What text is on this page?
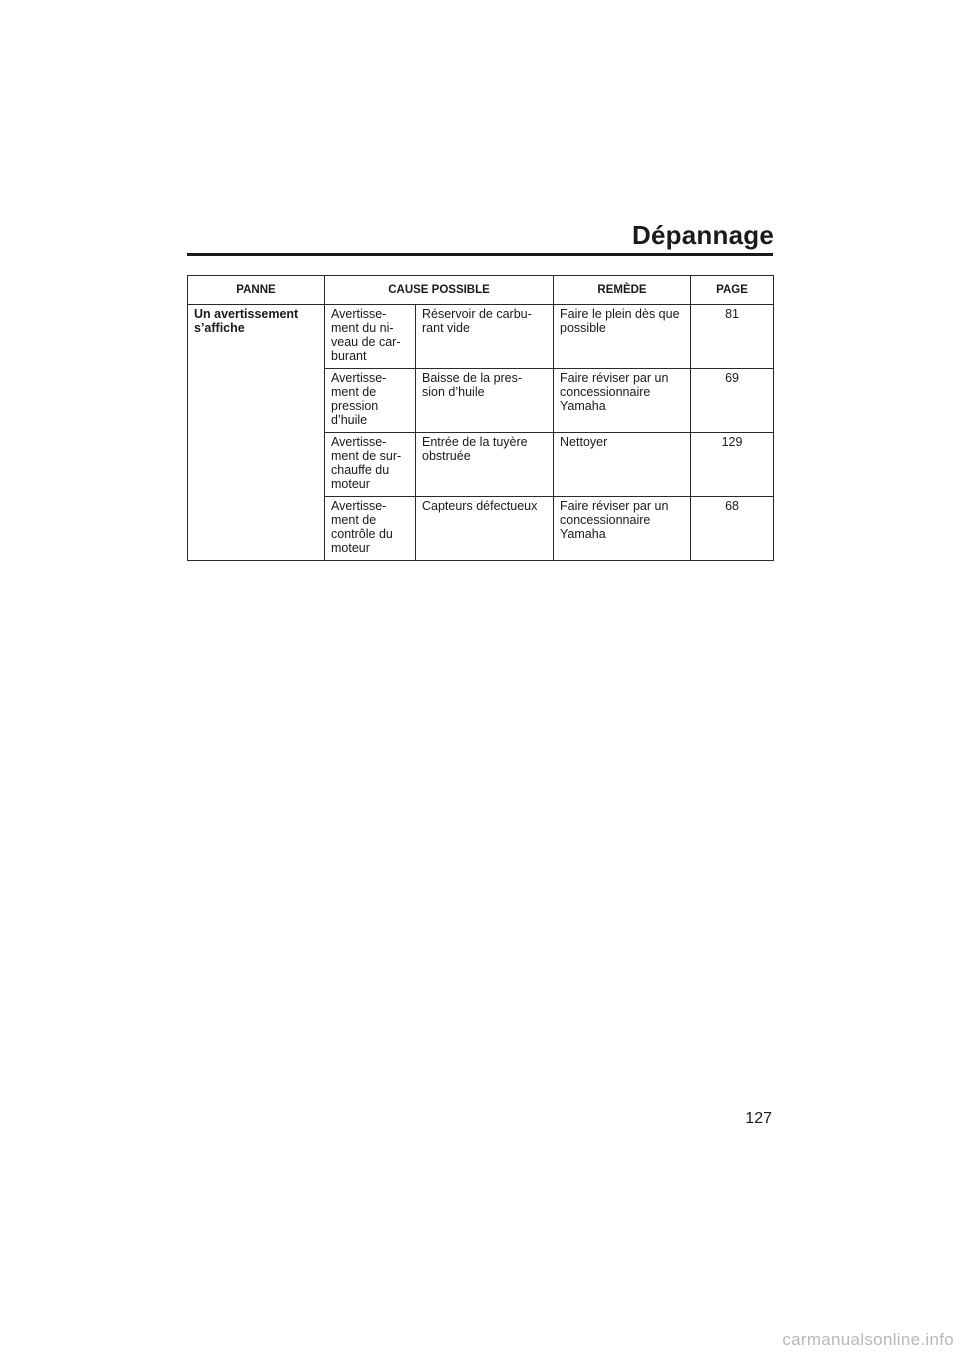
Dépannage
PANNE	CAUSE POSSIBLE		REMÈDE	PAGE

Un avertissement
s’affiche	Avertisse-
ment du ni-
veau de car-
burant	Réservoir de carbu-
rant vide	Faire le plein dès que
possible	81

	Avertisse-
ment de
pression
d’huile	Baisse de la pres-
sion d’huile	Faire réviser par un
concessionnaire
Yamaha	69

	Avertisse-
ment de sur-
chauffe du
moteur	Entrée de la tuyère
obstruée	Nettoyer	129

	Avertisse-
ment de
contrôle du
moteur	Capteurs défectueux	Faire réviser par un
concessionnaire
Yamaha	68
127
carmanualsonline.info
